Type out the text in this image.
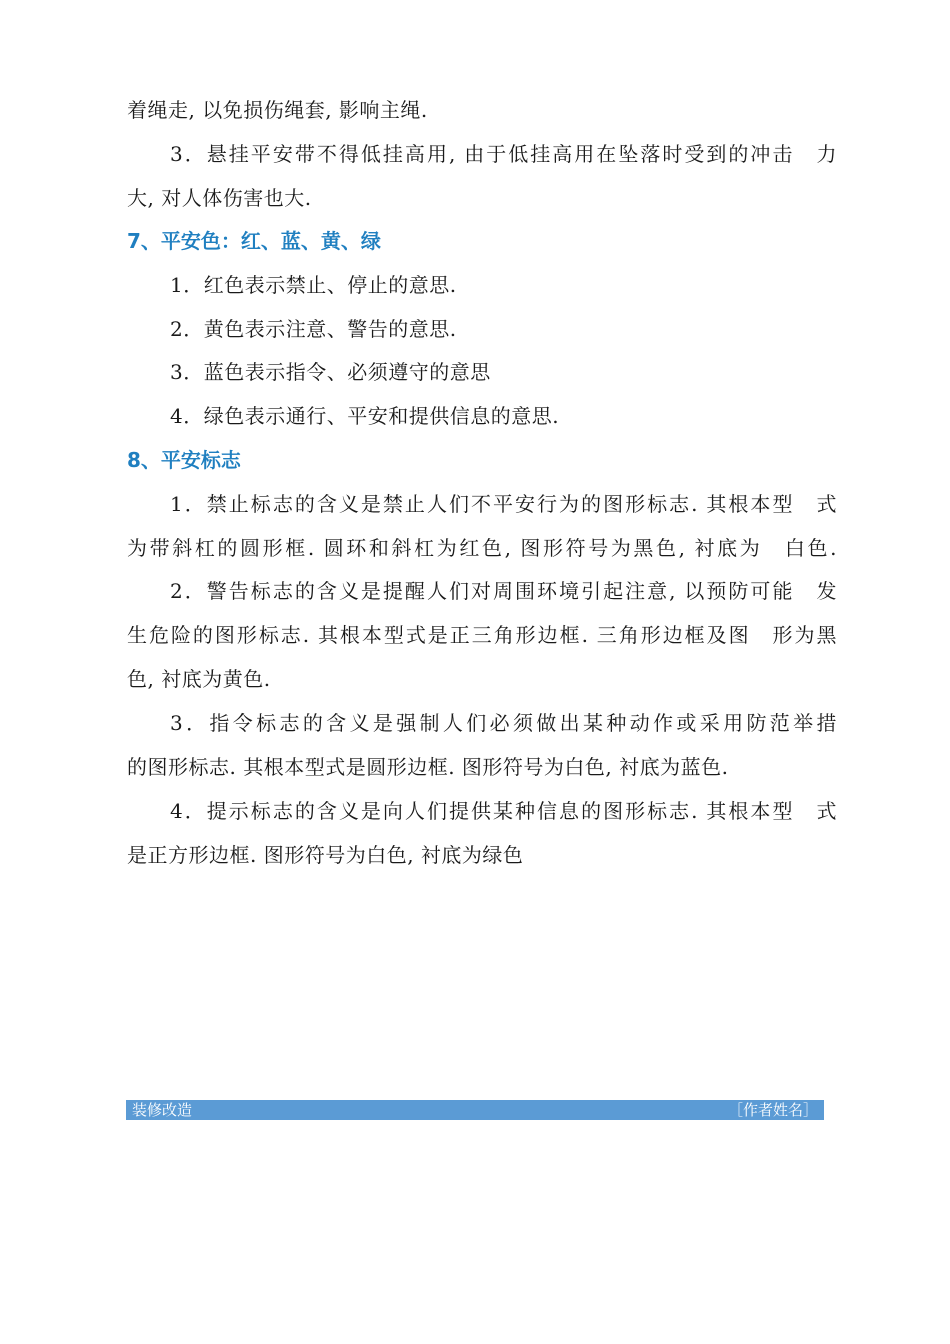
着绳走, 以免损伤绳套, 影响主绳.
3．悬挂平安带不得低挂高用, 由于低挂高用在坠落时受到的冲击　力
大, 对人体伤害也大.
7、平安色：红、蓝、黄、绿
1．红色表示禁止、停止的意思.
2．黄色表示注意、警告的意思.
3．蓝色表示指令、必须遵守的意思
4．绿色表示通行、平安和提供信息的意思.
8、平安标志
1．禁止标志的含义是禁止人们不平安行为的图形标志. 其根本型　式
为带斜杠的圆形框. 圆环和斜杠为红色, 图形符号为黑色, 衬底为　白色.
2．警告标志的含义是提醒人们对周围环境引起注意, 以预防可能　发
生危险的图形标志. 其根本型式是正三角形边框. 三角形边框及图　形为黑
色, 衬底为黄色.
3．指令标志的含义是强制人们必须做出某种动作或采用防范举措
的图形标志. 其根本型式是圆形边框. 图形符号为白色, 衬底为蓝色.
4．提示标志的含义是向人们提供某种信息的图形标志. 其根本型　式
是正方形边框. 图形符号为白色, 衬底为绿色
装修改造	［作者姓名］
